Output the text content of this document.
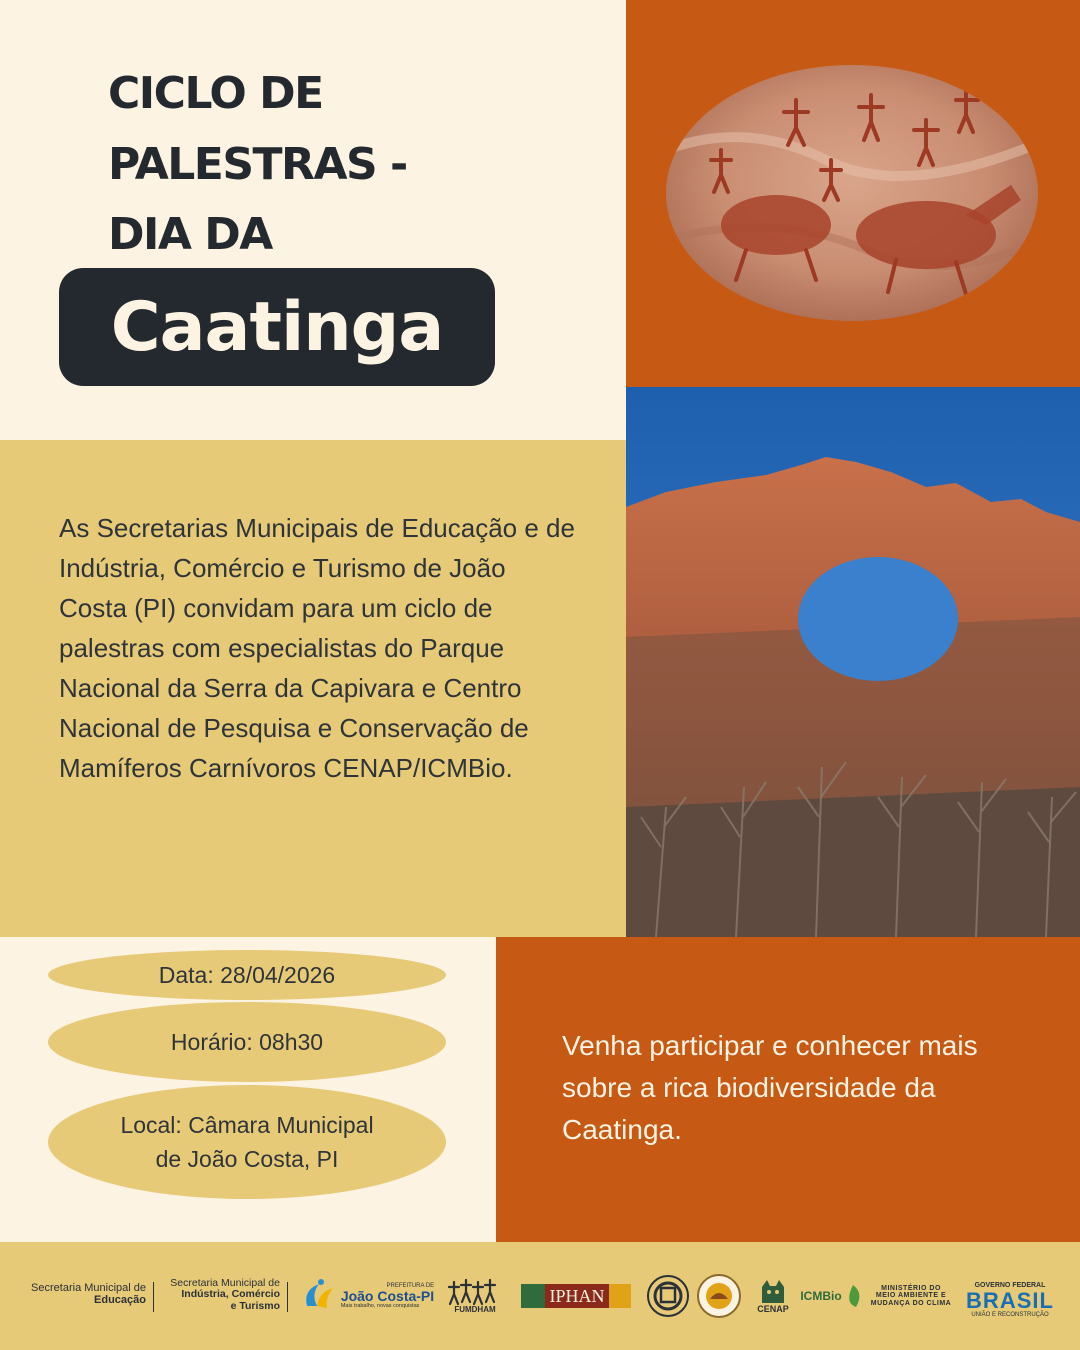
CICLO DE
PALESTRAS -
DIA DA
Caatinga

As Secretarias Municipais de Educação e de Indústria, Comércio e Turismo de João Costa (PI) convidam para um ciclo de palestras com especialistas do Parque Nacional da Serra da Capivara e Centro Nacional de Pesquisa e Conservação de Mamíferos Carnívoros CENAP/ICMBio.

Data: 28/04/2026
Horário: 08h30
Local: Câmara Municipal
de João Costa, PI

Venha participar e conhecer mais sobre a rica biodiversidade da Caatinga.

Secretaria Municipal de
Educação
Secretaria Municipal de
Indústria, Comércio
e Turismo
PREFEITURA DE
João Costa-PI
Mais trabalho, novas conquistas	FUMDHAM
IPHAN
CENAP
ICMBio
MINISTÉRIO DO
MEIO AMBIENTE E
MUDANÇA DO CLIMA
GOVERNO FEDERAL
BRASIL
UNIÃO E RECONSTRUÇÃO
